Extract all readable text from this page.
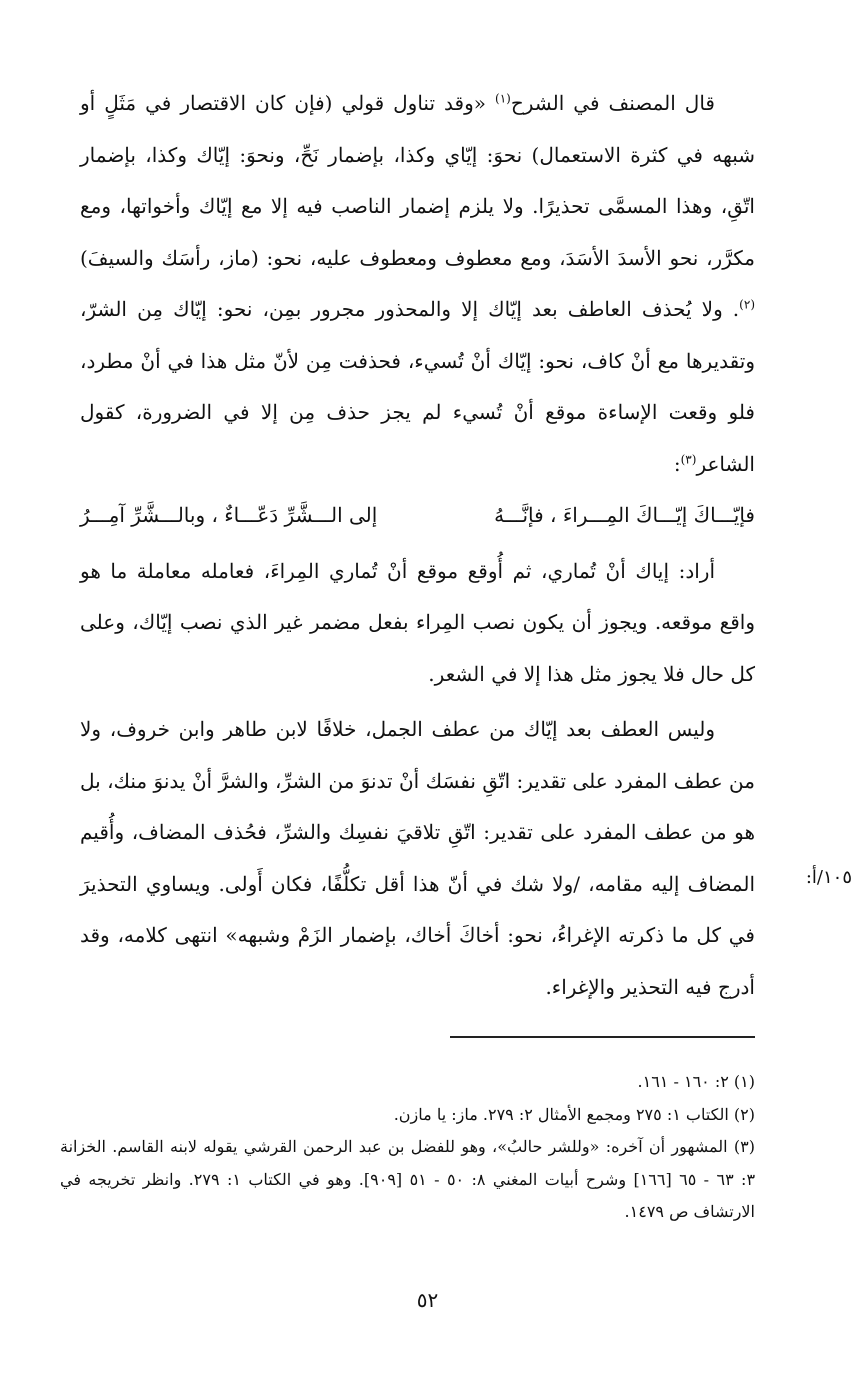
قال المصنف في الشرح$^{(١)}$ «وقد تناول قولي (فإن كان الاقتصار في مَثَلٍ أو شبهه في كثرة الاستعمال) نحوَ: إيّاي وكذا، بإضمار نَحِّ، ونحوَ: إيّاك وكذا، بإضمار اتّقِ، وهذا المسمَّى تحذيرًا. ولا يلزم إضمار الناصب فيه إلا مع إيّاك وأخواتها، ومع مكرَّر، نحو الأسدَ الأسَدَ، ومع معطوف ومعطوف عليه، نحو: (ماز، رأسَك والسيفَ)$^{(٢)}$. ولا يُحذف العاطف بعد إيّاك إلا والمحذور مجرور بمِن، نحو: إيّاك مِن الشرّ، وتقديرها مع أنْ كاف، نحو: إيّاك أنْ تُسيء، فحذفت مِن لأنّ مثل هذا في أنْ مطرد، فلو وقعت الإساءة موقع أنْ تُسيء لم يجز حذف مِن إلا في الضرورة، كقول الشاعر$^{(٣)}$:

فإيّـــاكَ إيّـــاكَ المِـــراءَ ، فإنَّـــهُ
إلى الـــشَّرِّ دَعّـــاءٌ ، وبالـــشَّرِّ آمِـــرُ

أراد: إياك أنْ تُماري، ثم أُوقع موقع أنْ تُماري المِراءَ، فعامله معاملة ما هو واقع موقعه. ويجوز أن يكون نصب المِراء بفعل مضمر غير الذي نصب إيّاك، وعلى كل حال فلا يجوز مثل هذا إلا في الشعر.

وليس العطف بعد إيّاك من عطف الجمل، خلافًا لابن طاهر وابن خروف، ولا من عطف المفرد على تقدير: اتّقِ نفسَك أنْ تدنوَ من الشرِّ، والشرَّ أنْ يدنوَ منك، بل هو من عطف المفرد على تقدير: اتّقِ تلاقيَ نفسِك والشرِّ، فحُذف المضاف، وأُقيم المضاف إليه مقامه، /ولا شك في أنّ هذا أقل تكلُّفًا، فكان أَولى. ويساوي التحذيرَ في كل ما ذكرته الإغراءُ، نحو: أخاكَ أخاك، بإضمار الزَمْ وشبهه» انتهى كلامه، وقد أدرج فيه التحذير والإغراء.

١٠٥/أ:

(١) ٢: ١٦٠ - ١٦١.

(٢) الكتاب ١: ٢٧٥ ومجمع الأمثال ٢: ٢٧٩. ماز: يا مازن.

(٣) المشهور أن آخره: «وللشر حالبُ»، وهو للفضل بن عبد الرحمن القرشي يقوله لابنه القاسم. الخزانة ٣: ٦٣ - ٦٥ [١٦٦] وشرح أبيات المغني ٨: ٥٠ - ٥١ [٩٠٩]. وهو في الكتاب ١: ٢٧٩. وانظر تخريجه في الارتشاف ص ١٤٧٩.

٥٢
